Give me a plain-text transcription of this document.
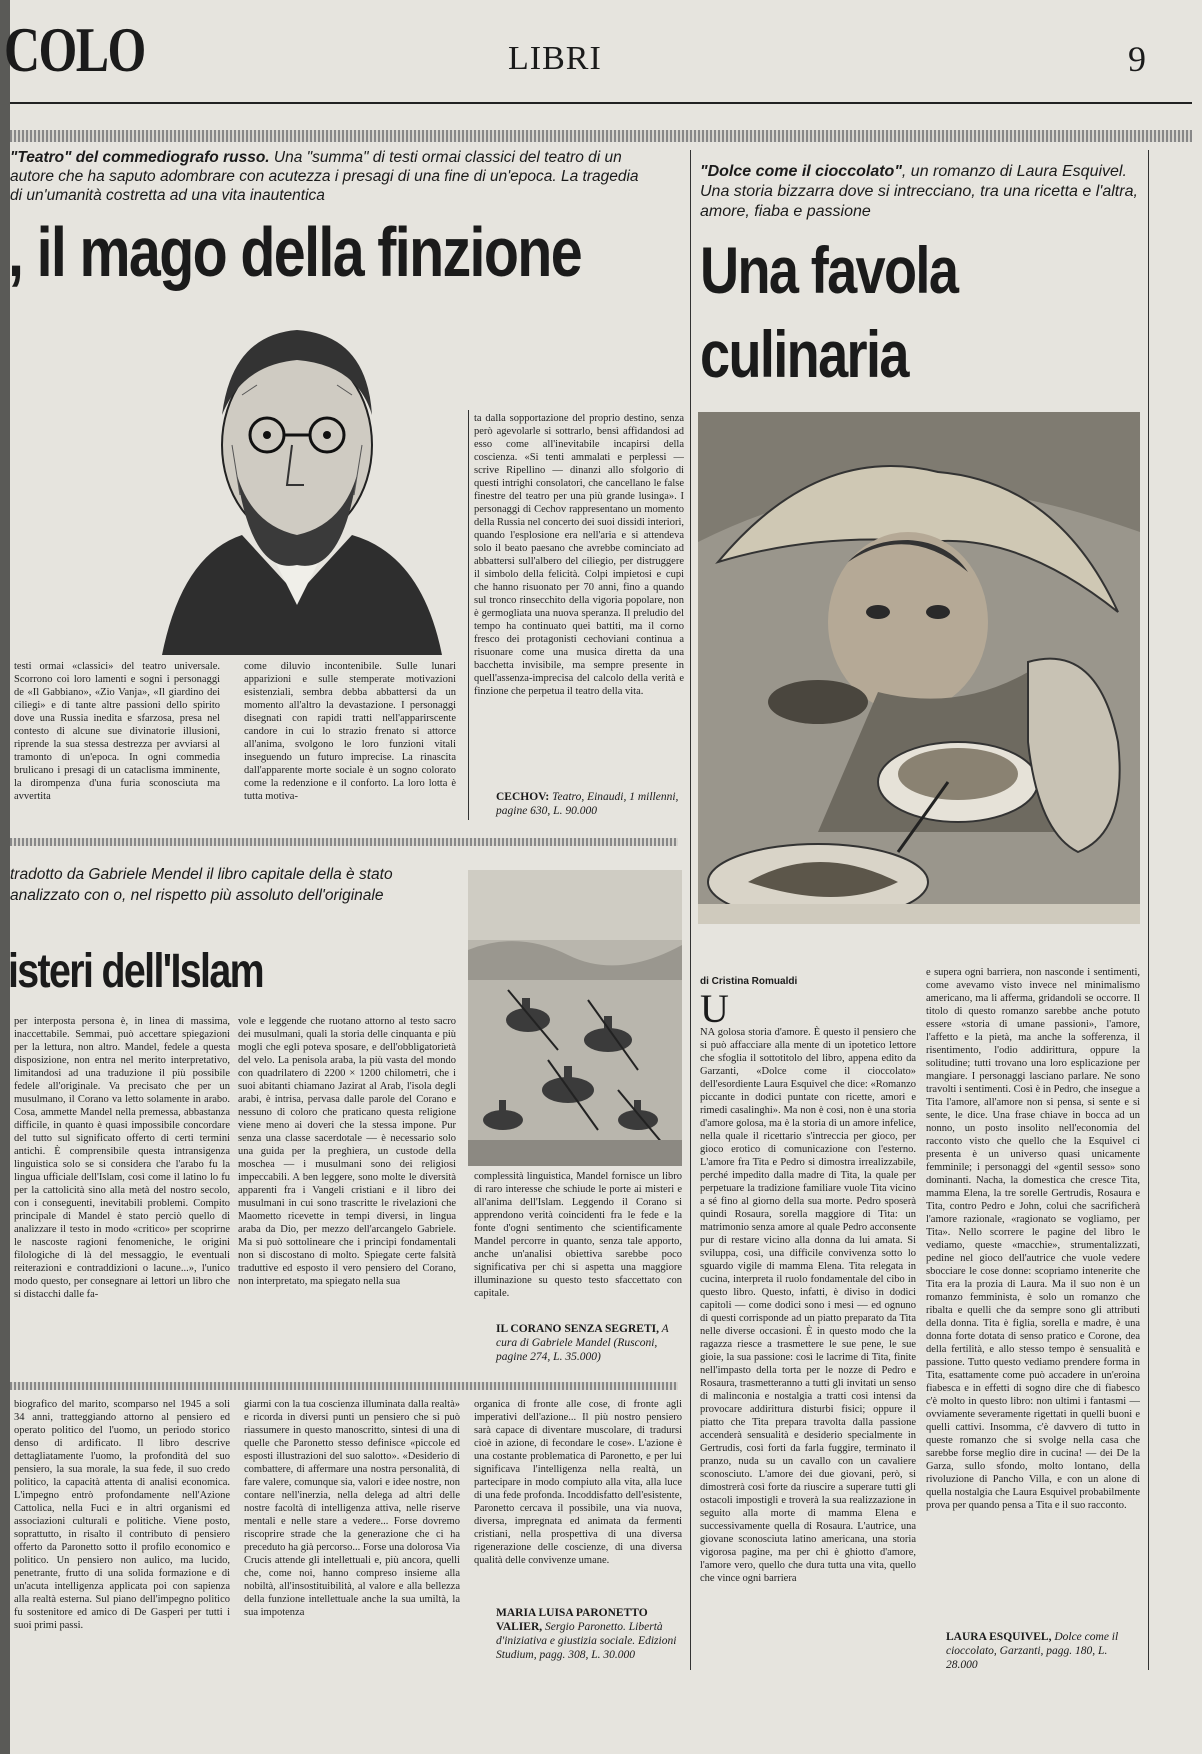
COLO	LIBRI	9
"Teatro" del commediografo russo. Una "summa" di testi ormai classici del teatro di un autore che ha saputo adombrare con acutezza i presagi di una fine di un'epoca. La tragedia di un'umanità costretta ad una vita inautentica
, il mago della finzione
testi ormai «classici» del teatro universale. Scorrono coi loro lamenti e sogni i personaggi de «Il Gabbiano», «Zio Vanja», «Il giardino dei ciliegi» e di tante altre passioni dello spirito dove una Russia inedita e sfarzosa, presa nel contesto di alcune sue divinatorie illusioni, riprende la sua stessa destrezza per avviarsi al tramonto di un'epoca. In ogni commedia brulicano i presagi di un cataclisma imminente, la dirompenza d'una furia sconosciuta ma avvertita
come diluvio incontenibile. Sulle lunari apparizioni e sulle stemperate motivazioni esistenziali, sembra debba abbattersi da un momento all'altro la devastazione. I personaggi disegnati con rapidi tratti nell'apparirscente candore in cui lo strazio frenato si attorce all'anima, svolgono le loro funzioni vitali inseguendo un futuro imprecise. La rinascita dall'apparente morte sociale è un sogno colorato come la redenzione e il conforto. La loro lotta è tutta motiva-
ta dalla sopportazione del proprio destino, senza però agevolarle si sottrarlo, bensì affidandosi ad esso come all'inevitabile incapirsi della coscienza. «Si tenti ammalati e perplessi — scrive Ripellino — dinanzi allo sfolgorìo di questi intrighi consolatori, che cancellano le false finestre del teatro per una più grande lusinga». I personaggi di Cechov rappresentano un momento della Russia nel concerto dei suoi dissidi interiori, quando l'esplosione era nell'aria e si attendeva solo il beato paesano che avrebbe cominciato ad abbattersi sull'albero del ciliegio, per distruggere il simbolo della felicità. Colpi impietosi e cupi che hanno risuonato per 70 anni, fino a quando sul tronco rinsecchito della vigoria popolare, non è germogliata una nuova speranza. Il preludio del tempo ha continuato quei battiti, ma il corno fresco dei protagonisti cechoviani continua a risuonare come una musica diretta da una bacchetta invisibile, ma sempre presente in quell'assenza-imprecisa del calcolo della verità e finzione che perpetua il teatro della vita.
CECHOV: Teatro, Einaudi, 1 millenni, pagine 630, L. 90.000
tradotto da Gabriele Mendel il libro capitale della è stato analizzato con o, nel rispetto più assoluto dell'originale
isteri dell'Islam
per interposta persona è, in linea di massima, inaccettabile. Semmai, può accettare spiegazioni per la lettura, non altro. Mandel, fedele a questa disposizione, non entra nel merito interpretativo, limitandosi ad una traduzione il più possibile fedele all'originale. Va precisato che per un musulmano, il Corano va letto solamente in arabo. Cosa, ammette Mandel nella premessa, abbastanza difficile, in quanto è quasi impossibile concordare del tutto sul significato offerto di certi termini antichi. È comprensibile questa intransigenza linguistica solo se si considera che l'arabo fu la lingua ufficiale dell'Islam, così come il latino lo fu per la cattolicità sino alla metà del nostro secolo, con i conseguenti, inevitabili problemi. Compito principale di Mandel è stato perciò quello di analizzare il testo in modo «critico» per scoprirne le nascoste ragioni fenomeniche, le origini filologiche di là del messaggio, le eventuali reiterazioni e contraddizioni o lacune...», l'unico modo questo, per consegnare ai lettori un libro che si distacchi dalle fa-
vole e leggende che ruotano attorno al testo sacro dei musulmani, quali la storia delle cinquanta e più mogli che egli poteva sposare, e dell'obbligatorietà del velo. La penisola araba, la più vasta del mondo con quadrilatero di 2200 × 1200 chilometri, che i suoi abitanti chiamano Jazirat al Arab, l'isola degli arabi, è intrisa, pervasa dalle parole del Corano e nessuno di coloro che praticano questa religione viene meno ai doveri che la stessa impone. Pur senza una classe sacerdotale — è necessario solo una guida per la preghiera, un custode della moschea — i musulmani sono dei religiosi impeccabili. A ben leggere, sono molte le diversità apparenti fra i Vangeli cristiani e il libro dei musulmani in cui sono trascritte le rivelazioni che Maometto ricevette in tempi diversi, in lingua araba da Dio, per mezzo dell'arcangelo Gabriele. Ma si può sottolineare che i principi fondamentali non si discostano di molto. Spiegate certe falsità traduttive ed esposto il vero pensiero del Corano, non interpretato, ma spiegato nella sua
complessità linguistica, Mandel fornisce un libro di raro interesse che schiude le porte ai misteri e all'anima dell'Islam. Leggendo il Corano si apprendono verità coincidenti fra le fede e la fonte d'ogni sentimento che scientificamente Mandel percorre in quanto, senza tale apporto, anche un'analisi obiettiva sarebbe poco significativa per chi si aspetta una maggiore illuminazione su questo testo sfaccettato con capitale.
IL CORANO SENZA SEGRETI, A cura di Gabriele Mandel (Rusconi, pagine 274, L. 35.000)
biografico del marito, scomparso nel 1945 a soli 34 anni, tratteggiando attorno al pensiero ed operato politico del l'uomo, un periodo storico denso di ardificato. Il libro descrive dettagliatamente l'uomo, la profondità del suo pensiero, la sua morale, la sua fede, il suo credo politico, la capacità attenta di analisi economica. L'impegno entrò profondamente nell'Azione Cattolica, nella Fuci e in altri organismi ed associazioni culturali e politiche. Viene posto, soprattutto, in risalto il contributo di pensiero offerto da Paronetto sotto il profilo economico e politico. Un pensiero non aulico, ma lucido, penetrante, frutto di una solida formazione e di un'acuta intelligenza applicata poi con sapienza alla realtà esterna. Sul piano dell'impegno politico fu sostenitore ed amico di De Gasperi per tutti i suoi primi passi.
giarmi con la tua coscienza illuminata dalla realtà» e ricorda in diversi punti un pensiero che si può riassumere in questo manoscritto, sintesi di una di quelle che Paronetto stesso definisce «piccole ed esposti illustrazioni del suo salotto». «Desiderio di combattere, di affermare una nostra personalità, di fare valere, comunque sia, valori e idee nostre, non contare nell'inerzia, nella delega ad altri delle nostre facoltà di intelligenza attiva, nelle riserve mentali e nelle stare a vedere... Forse dovremo riscoprire strade che la generazione che ci ha preceduto ha già percorso... Forse una dolorosa Via Crucis attende gli intellettuali e, più ancora, quelli che, come noi, hanno compreso insieme alla nobiltà, all'insostituibilità, al valore e alla bellezza della funzione intellettuale anche la sua umiltà, la sua impotenza
organica di fronte alle cose, di fronte agli imperativi dell'azione... Il più nostro pensiero sarà capace di diventare muscolare, di tradursi cioè in azione, di fecondare le cose». L'azione è una costante problematica di Paronetto, e per lui significava l'intelligenza nella realtà, un partecipare in modo compiuto alla vita, alla luce di una fede profonda. Incoddisfatto dell'esistente, Paronetto cercava il possibile, una via nuova, diversa, impregnata ed animata da fermenti cristiani, nella prospettiva di una diversa rigenerazione delle coscienze, di una diversa qualità delle convivenze umane.
MARIA LUISA PARONETTO VALIER, Sergio Paronetto. Libertà d'iniziativa e giustizia sociale. Edizioni Studium, pagg. 308, L. 30.000
"Dolce come il cioccolato", un romanzo di Laura Esquivel. Una storia bizzarra dove si intrecciano, tra una ricetta e l'altra, amore, fiaba e passione
Una favola
culinaria
di Cristina Romualdi
U
NA golosa storia d'amore. È questo il pensiero che si può affacciare alla mente di un ipotetico lettore che sfoglia il sottotitolo del libro, appena edito da Garzanti, «Dolce come il cioccolato» dell'esordiente Laura Esquivel che dice: «Romanzo piccante in dodici puntate con ricette, amori e rimedi casalinghi». Ma non è così, non è una storia d'amore golosa, ma è la storia di un amore infelice, nella quale il ricettario s'intreccia per gioco, per gioco erotico di comunicazione con l'esterno. L'amore fra Tita e Pedro si dimostra irrealizzabile, perché impedito dalla madre di Tita, la quale per perpetuare la tradizione familiare vuole Tita vicino a sé fino al giorno della sua morte. Pedro sposerà quindi Rosaura, sorella maggiore di Tita: un matrimonio senza amore al quale Pedro acconsente pur di restare vicino alla donna da lui amata. Si sviluppa, così, una difficile convivenza sotto lo sguardo vigile di mamma Elena. Tita relegata in cucina, interpreta il ruolo fondamentale del cibo in questo libro. Questo, infatti, è diviso in dodici capitoli — come dodici sono i mesi — ed ognuno di questi corrisponde ad un piatto preparato da Tita nelle diverse occasioni. È in questo modo che la ragazza riesce a trasmettere le sue pene, le sue gioie, la sua passione: così le lacrime di Tita, finite nell'impasto della torta per le nozze di Pedro e Rosaura, trasmetteranno a tutti gli invitati un senso di malinconia e nostalgia a tratti così intensi da provocare addirittura disturbi fisici; oppure il piatto che Tita prepara travolta dalla passione accenderà sensualità e desiderio specialmente in Gertrudis, così forti da farla fuggire, terminato il pranzo, nuda su un cavallo con un cavaliere sconosciuto. L'amore dei due giovani, però, si dimostrerà così forte da riuscire a superare tutti gli ostacoli impostigli e troverà la sua realizzazione in seguito alla morte di mamma Elena e successivamente quella di Rosaura. L'autrice, una giovane sconosciuta latino americana, una storia vigorosa pagine, ma per chi è ghiotto d'amore, l'amore vero, quello che dura tutta una vita, quello che vince ogni barriera
e supera ogni barriera, non nasconde i sentimenti, come avevamo visto invece nel minimalismo americano, ma li afferma, gridandoli se occorre. Il titolo di questo romanzo sarebbe anche potuto essere «storia di umane passioni», l'amore, l'affetto e la pietà, ma anche la sofferenza, il risentimento, l'odio addirittura, oppure la solitudine; tutti trovano una loro esplicazione per mangiare. I personaggi lasciano parlare. Ne sono travolti i sentimenti. Così è in Pedro, che insegue a Tita l'amore, all'amore non si pensa, si sente e si sente, le dice. Una frase chiave in bocca ad un nonno, un posto insolito nell'economia del racconto visto che quello che la Esquivel ci presenta è un universo quasi unicamente femminile; i personaggi del «gentil sesso» sono dominanti. Nacha, la domestica che cresce Tita, mamma Elena, la tre sorelle Gertrudis, Rosaura e Tita, contro Pedro e John, colui che sacrificherà l'amore razionale, «ragionato se vogliamo, per Tita». Nello scorrere le pagine del libro le vediamo, queste «macchie», strumentalizzati, pedine nel gioco dell'autrice che vuole vedere sbocciare le cose donne: scopriamo intenerite che Tita era la prozia di Laura. Ma il suo non è un romanzo femminista, è solo un romanzo che ribalta e quelli che da sempre sono gli attributi della donna. Tita è figlia, sorella e madre, è una donna forte dotata di senso pratico e Corone, dea della fertilità, e allo stesso tempo è sensualità e passione. Tutto questo vediamo prendere forma in Tita, esattamente come può accadere in un'eroina fiabesca e in effetti di sogno dire che di fiabesco c'è molto in questo libro: non ultimi i fantasmi — ovviamente severamente rigettati in quelli buoni e quelli cattivi. Insomma, c'è davvero di tutto in queste romanzo che si svolge nella casa che sarebbe forse meglio dire in cucina! — dei De la Garza, sullo sfondo, molto lontano, della rivoluzione di Pancho Villa, e con un alone di quella nostalgia che Laura Esquivel probabilmente prova per quando pensa a Tita e il suo racconto.
LAURA ESQUIVEL, Dolce come il cioccolato, Garzanti, pagg. 180, L. 28.000
